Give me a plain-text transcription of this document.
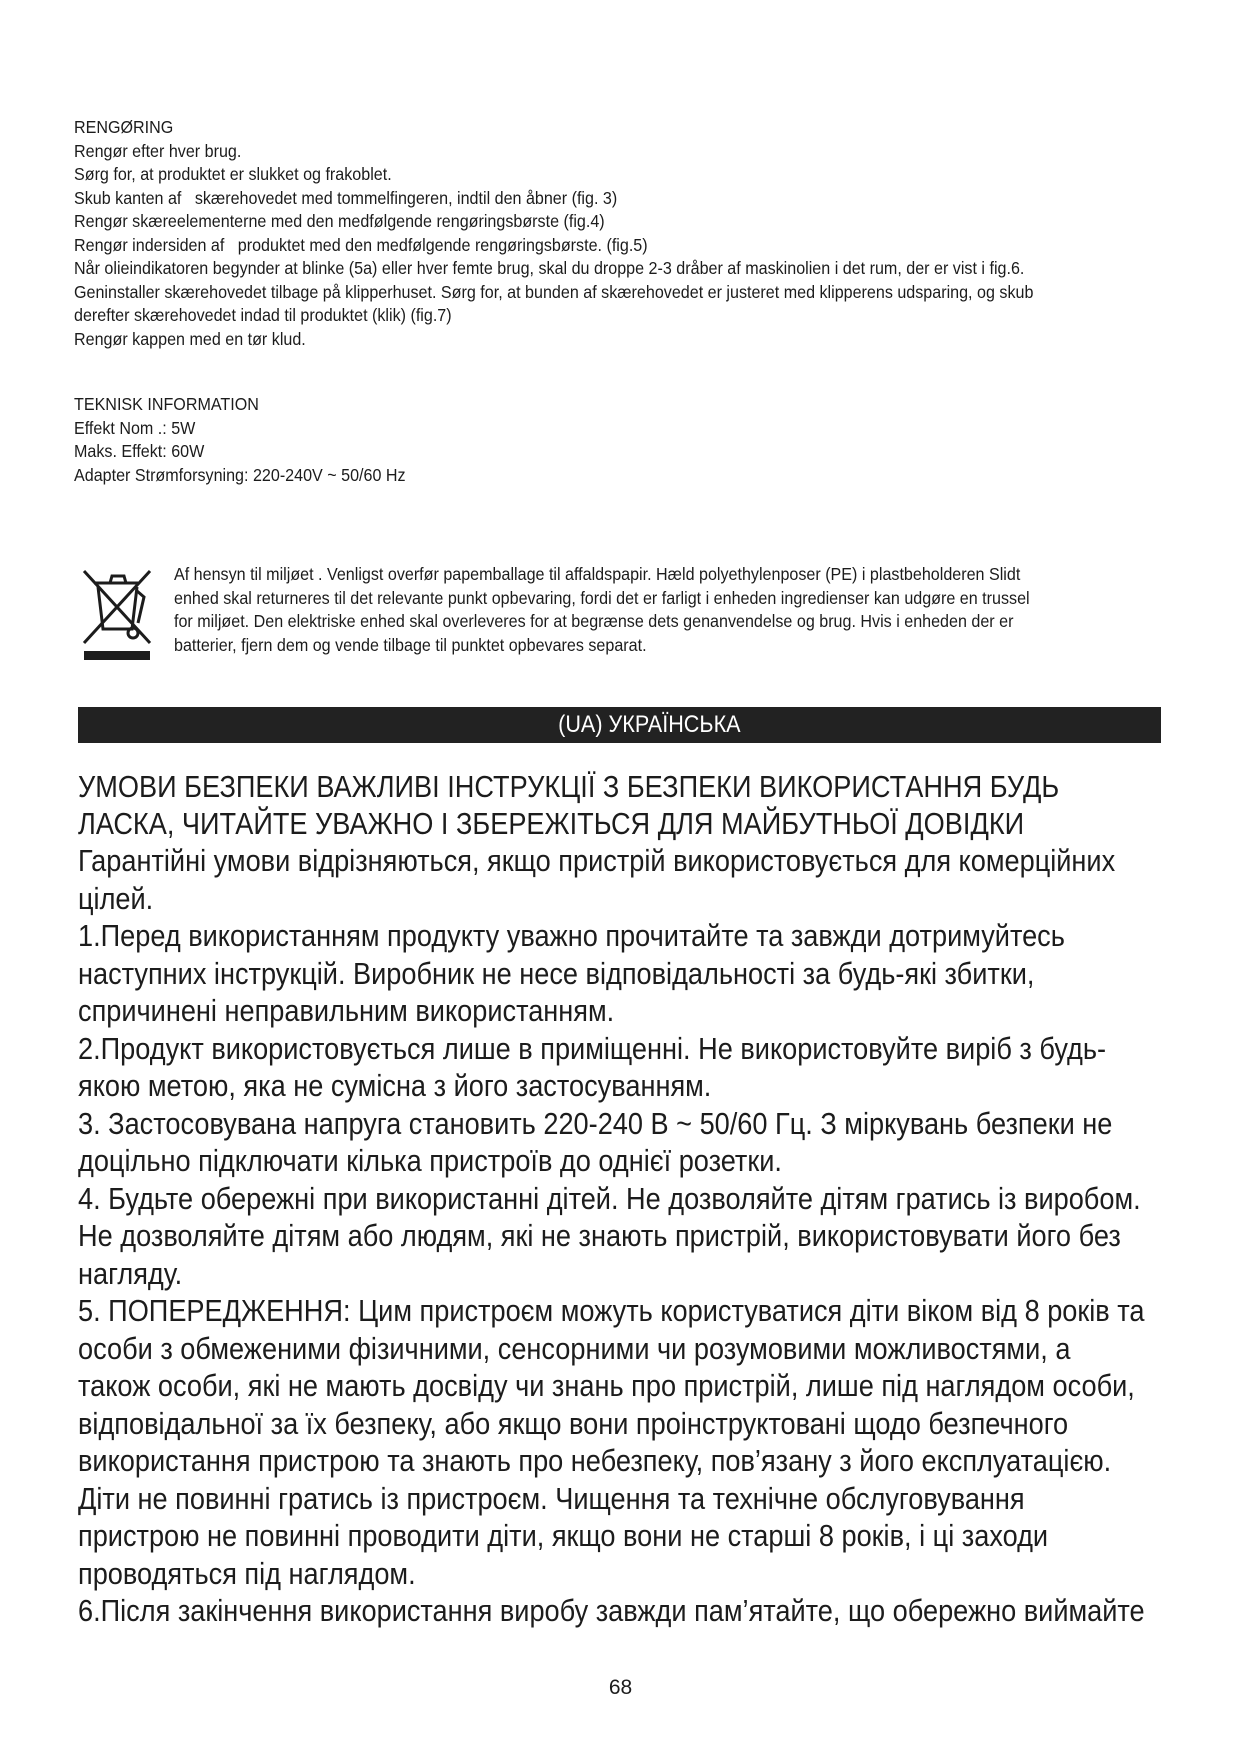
RENGØRING

Rengør efter hver brug.

Sørg for, at produktet er slukket og frakoblet.

Skub kanten af   skærehovedet med tommelfingeren, indtil den åbner (fig. 3)

Rengør skæreelementerne med den medfølgende rengøringsbørste (fig.4)

Rengør indersiden af   produktet med den medfølgende rengøringsbørste. (fig.5)

Når olieindikatoren begynder at blinke (5a) eller hver femte brug, skal du droppe 2-3 dråber af maskinolien i det rum, der er vist i fig.6.

Geninstaller skærehovedet tilbage på klipperhuset. Sørg for, at bunden af skærehovedet er justeret med klipperens udsparing, og skub

derefter skærehovedet indad til produktet (klik) (fig.7)

Rengør kappen med en tør klud.

TEKNISK INFORMATION

Effekt Nom .: 5W

Maks. Effekt: 60W

Adapter Strømforsyning: 220-240V ~ 50/60 Hz

Af hensyn til miljøet . Venligst overfør papemballage til affaldspapir. Hæld polyethylenposer (PE) i plastbeholderen Slidt

enhed skal returneres til det relevante punkt opbevaring, fordi det er farligt i enheden ingredienser kan udgøre en trussel

for miljøet. Den elektriske enhed skal overleveres for at begrænse dets genanvendelse og brug. Hvis i enheden der er

batterier, fjern dem og vende tilbage til punktet opbevares separat.

(UA) УКРАЇНСЬКА

УМОВИ БЕЗПЕКИ ВАЖЛИВІ ІНСТРУКЦІЇ З БЕЗПЕКИ ВИКОРИСТАННЯ БУДЬ

ЛАСКА, ЧИТАЙТЕ УВАЖНО І ЗБЕРЕЖІТЬСЯ ДЛЯ МАЙБУТНЬОЇ ДОВІДКИ

Гарантійні умови відрізняються, якщо пристрій використовується для комерційних

цілей.

1.Перед використанням продукту уважно прочитайте та завжди дотримуйтесь

наступних інструкцій. Виробник не несе відповідальності за будь-які збитки,

спричинені неправильним використанням.

2.Продукт використовується лише в приміщенні. Не використовуйте виріб з будь-

якою метою, яка не сумісна з його застосуванням.

3. Застосовувана напруга становить 220-240 В ~ 50/60 Гц. З міркувань безпеки не

доцільно підключати кілька пристроїв до однієї розетки.

4. Будьте обережні при використанні дітей. Не дозволяйте дітям гратись із виробом.

Не дозволяйте дітям або людям, які не знають пристрій, використовувати його без

нагляду.

5. ПОПЕРЕДЖЕННЯ: Цим пристроєм можуть користуватися діти віком від 8 років та

особи з обмеженими фізичними, сенсорними чи розумовими можливостями, а

також особи, які не мають досвіду чи знань про пристрій, лише під наглядом особи,

відповідальної за їх безпеку, або якщо вони проінструктовані щодо безпечного

використання пристрою та знають про небезпеку, пов’язану з його експлуатацією.

Діти не повинні гратись із пристроєм. Чищення та технічне обслуговування

пристрою не повинні проводити діти, якщо вони не старші 8 років, і ці заходи

проводяться під наглядом.

6.Після закінчення використання виробу завжди пам’ятайте, що обережно виймайте

68
